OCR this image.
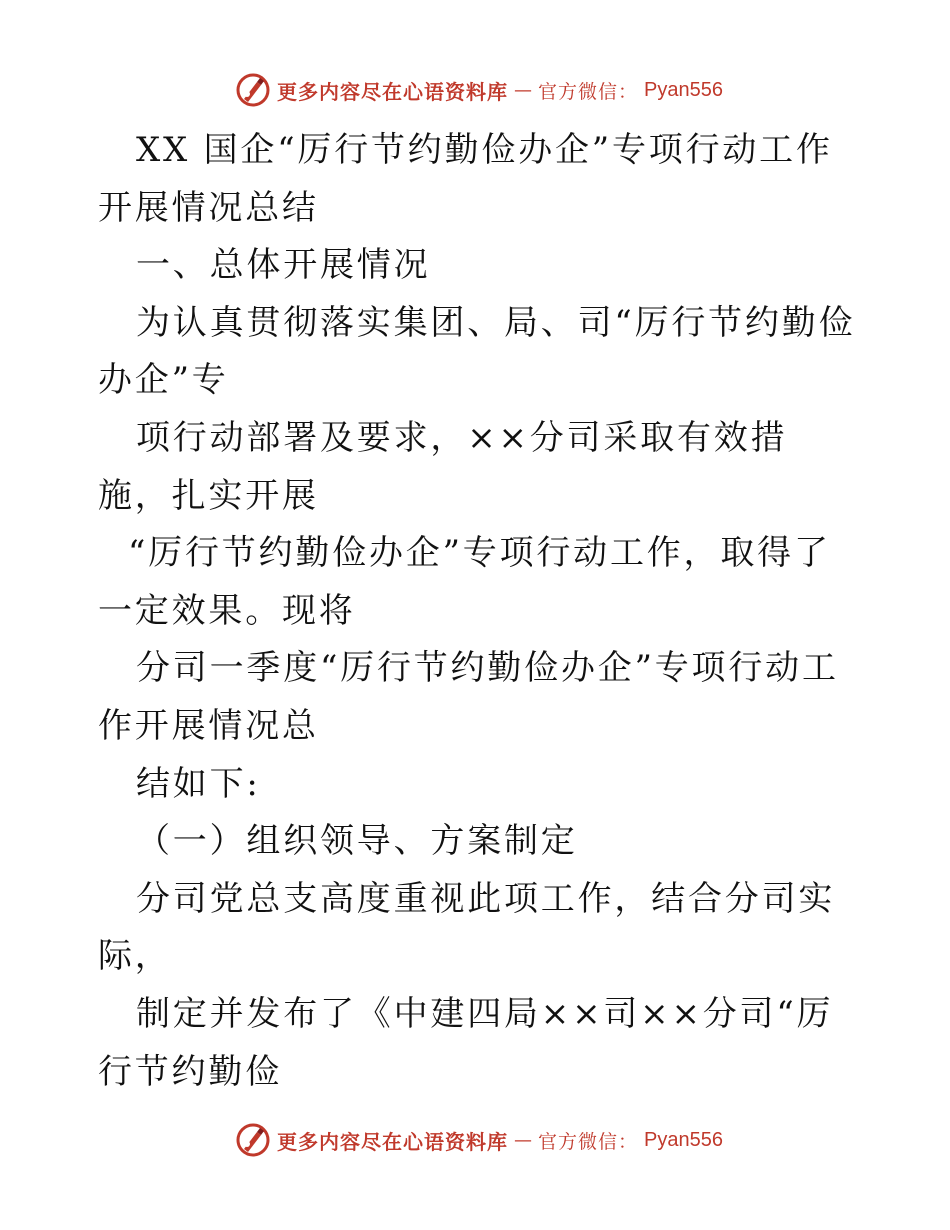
更多内容尽在心语资料库 — 官方微信： Pyan556

XX 国企“厉行节约勤俭办企”专项行动工作开展情况总结

一、总体开展情况

为认真贯彻落实集团、局、司“厉行节约勤俭办企”专

项行动部署及要求，××分司采取有效措施，扎实开展

“厉行节约勤俭办企”专项行动工作，取得了一定效果。现将

分司一季度“厉行节约勤俭办企”专项行动工作开展情况总

结如下:

（一）组织领导、方案制定

分司党总支高度重视此项工作，结合分司实际，

制定并发布了《中建四局××司××分司“厉行节约勤俭

更多内容尽在心语资料库 — 官方微信： Pyan556
